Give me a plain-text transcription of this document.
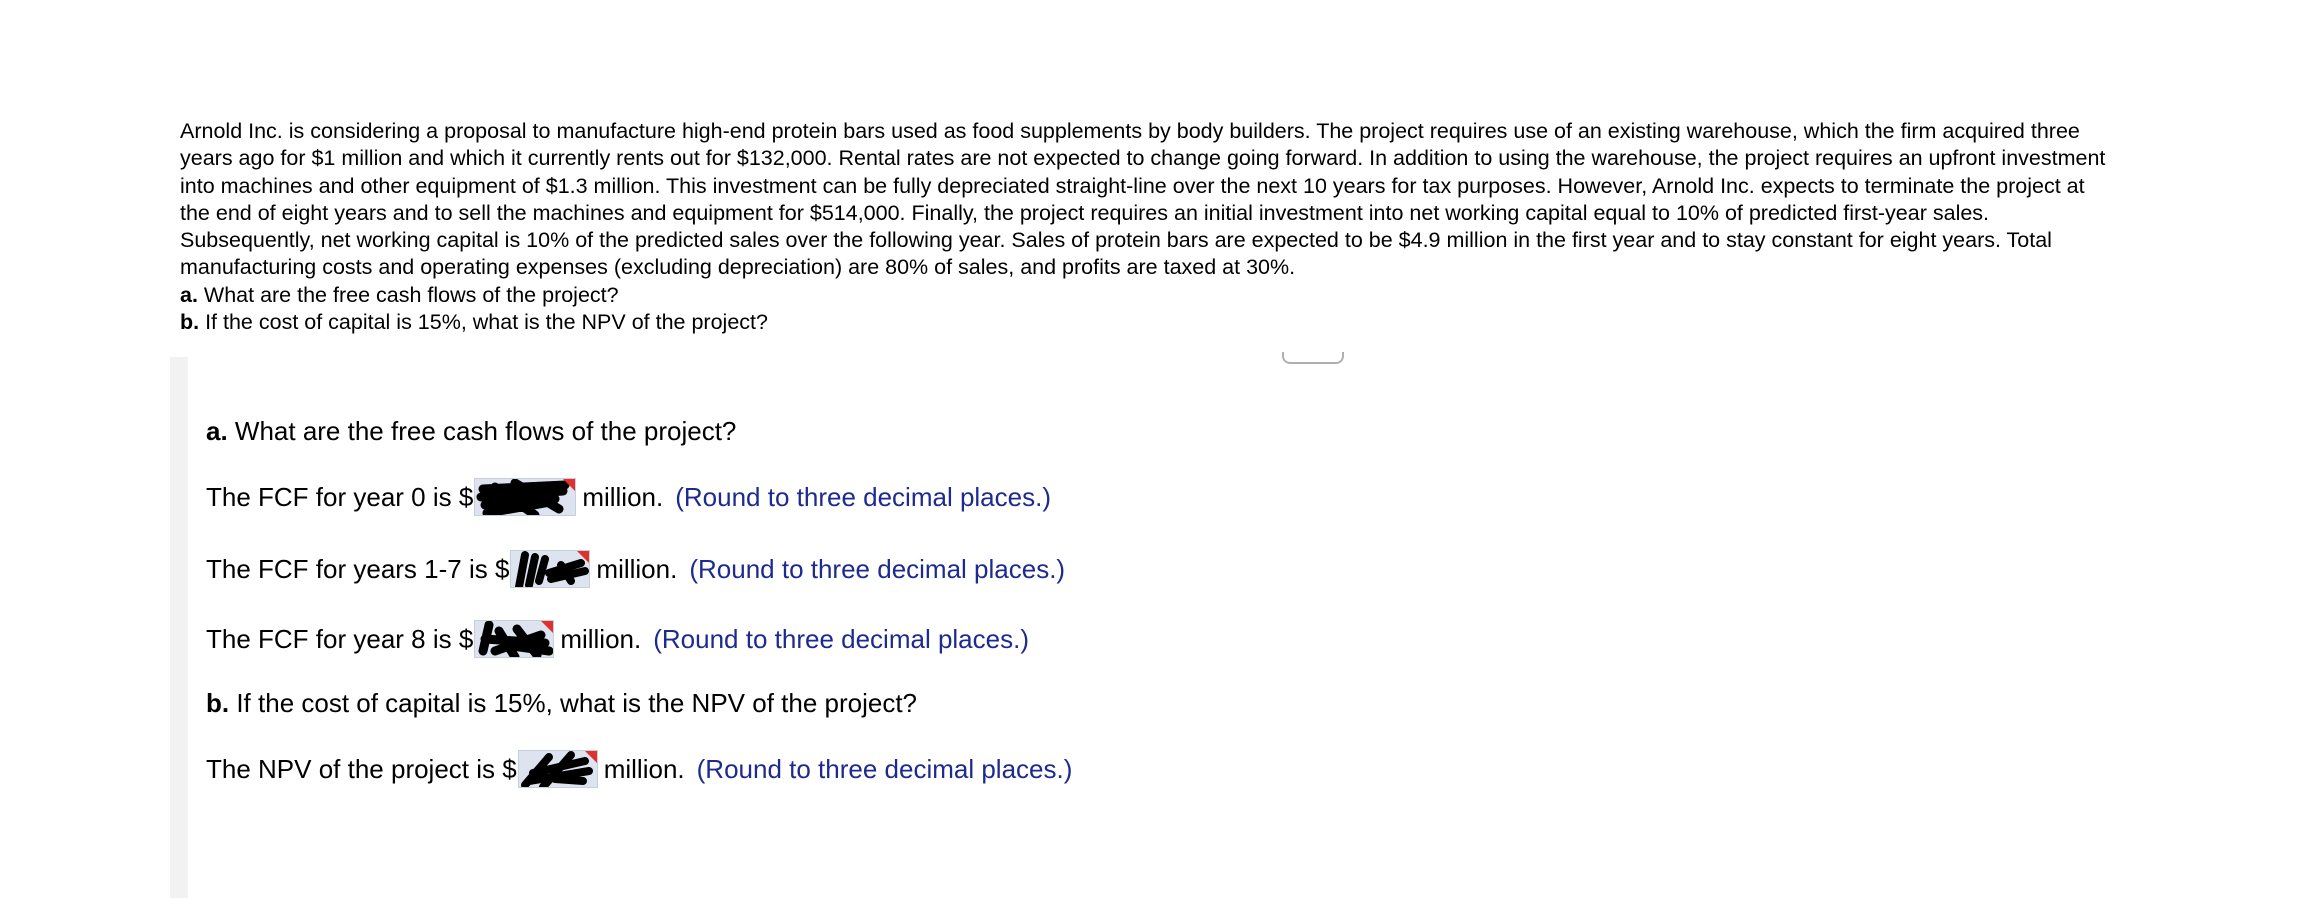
Arnold Inc. is considering a proposal to manufacture high-end protein bars used as food supplements by body builders. The project requires use of an existing warehouse, which the firm acquired three years ago for $1 million and which it currently rents out for $132,000. Rental rates are not expected to change going forward. In addition to using the warehouse, the project requires an upfront investment into machines and other equipment of $1.3 million. This investment can be fully depreciated straight-line over the next 10 years for tax purposes. However, Arnold Inc. expects to terminate the project at the end of eight years and to sell the machines and equipment for $514,000. Finally, the project requires an initial investment into net working capital equal to 10% of predicted first-year sales. Subsequently, net working capital is 10% of the predicted sales over the following year. Sales of protein bars are expected to be $4.9 million in the first year and to stay constant for eight years. Total manufacturing costs and operating expenses (excluding depreciation) are 80% of sales, and profits are taxed at 30%.

a. What are the free cash flows of the project?

b. If the cost of capital is 15%, what is the NPV of the project?

a. What are the free cash flows of the project?
The FCF for year 0 is $	million. (Round to three decimal places.)
The FCF for years 1-7 is $	million. (Round to three decimal places.)
The FCF for year 8 is $	million. (Round to three decimal places.)
b. If the cost of capital is 15%, what is the NPV of the project?
The NPV of the project is $	million. (Round to three decimal places.)
